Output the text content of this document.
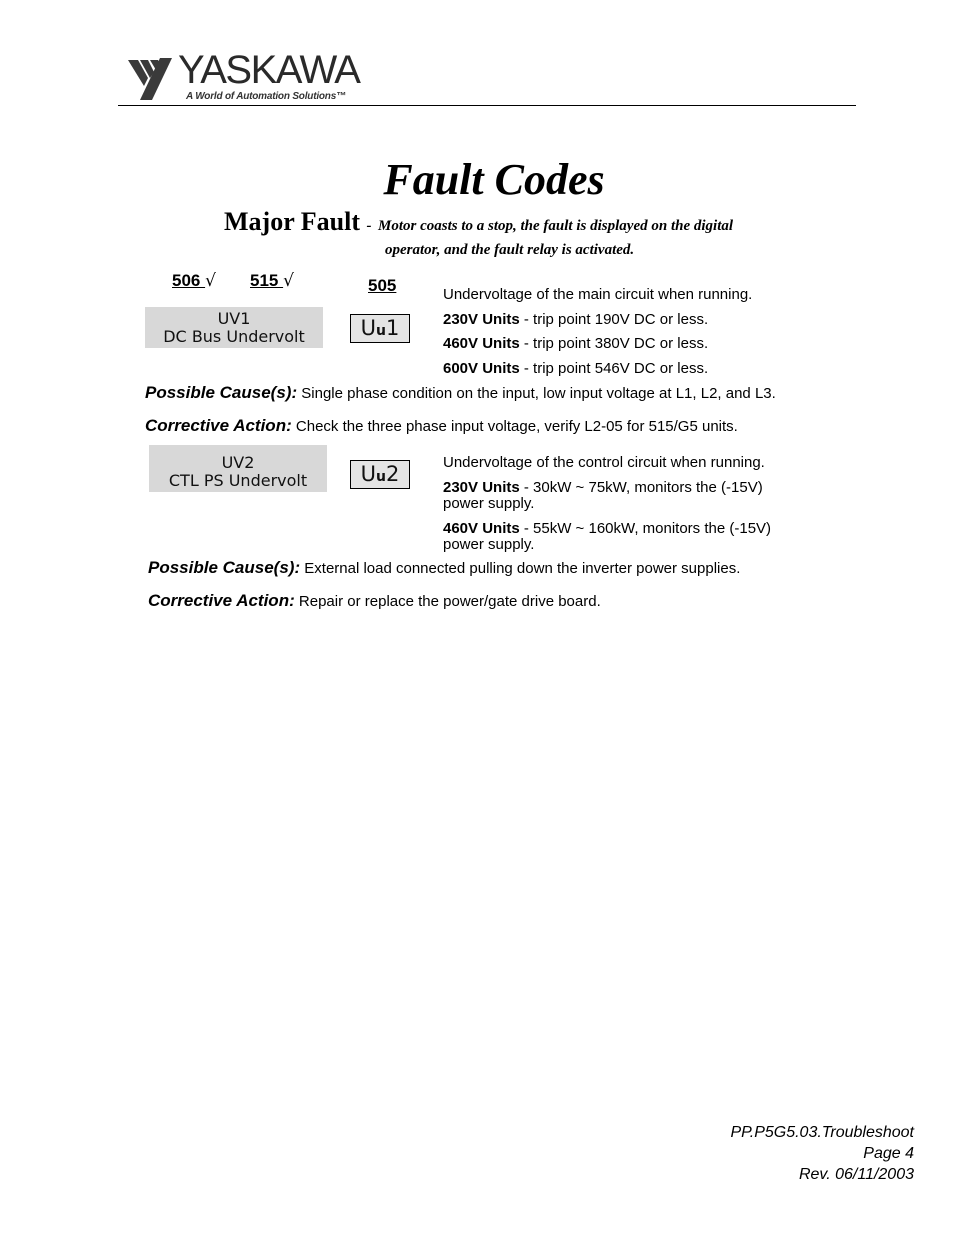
YASKAWA
A World of Automation Solutions™
Fault Codes
Major Fault - Motor coasts to a stop, the fault is displayed on the digital
operator, and the fault relay is activated.
506 √ 515 √	505
UV1
DC Bus Undervolt	Uu1
Undervoltage of the main circuit when running.
230V Units - trip point 190V DC or less.
460V Units - trip point 380V DC or less.
600V Units - trip point 546V DC or less.
Possible Cause(s): Single phase condition on the input, low input voltage at L1, L2, and L3.
Corrective Action: Check the three phase input voltage, verify L2-05 for 515/G5 units.
UV2
CTL PS Undervolt	Uu2	Undervoltage of the control circuit when running.
230V Units - 30kW ~ 75kW, monitors the (-15V)
power supply.
460V Units - 55kW ~ 160kW, monitors the (-15V)
power supply.
Possible Cause(s): External load connected pulling down the inverter power supplies.
Corrective Action: Repair or replace the power/gate drive board.
PP.P5G5.03.Troubleshoot
Page 4
Rev. 06/11/2003
